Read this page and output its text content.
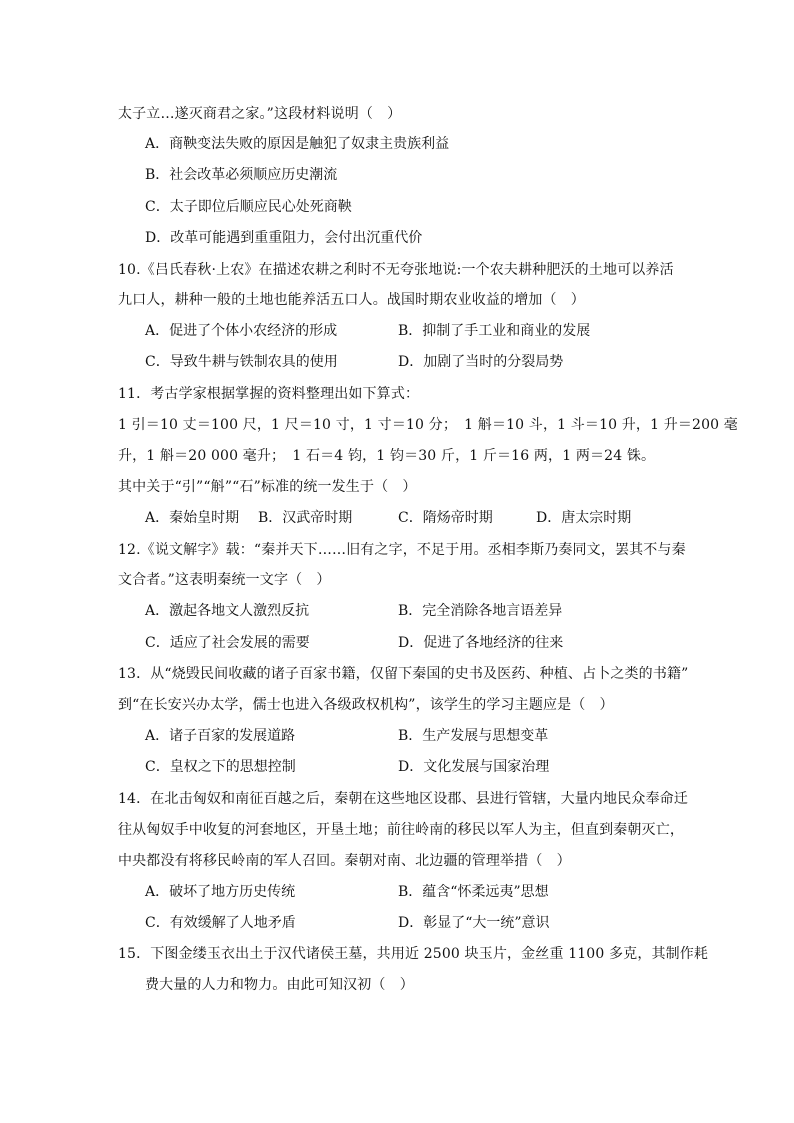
太子立…遂灭商君之家。”这段材料说明（　）
A．商鞅变法失败的原因是触犯了奴隶主贵族利益
B．社会改革必须顺应历史潮流
C．太子即位后顺应民心处死商鞅
D．改革可能遇到重重阻力，会付出沉重代价
10.《吕氏春秋·上农》在描述农耕之利时不无夸张地说:一个农夫耕种肥沃的土地可以养活
九口人，耕种一般的土地也能养活五口人。战国时期农业收益的增加（　）
A．促进了个体小农经济的形成	B．抑制了手工业和商业的发展
C．导致牛耕与铁制农具的使用	D．加剧了当时的分裂局势
11．考古学家根据掌握的资料整理出如下算式：
1 引＝10 丈＝100 尺，1 尺＝10 寸，1 寸＝10 分；　1 斛＝10 斗，1 斗＝10 升，1 升＝200 毫
升，1 斛＝20 000 毫升；　1 石＝4 钧，1 钧＝30 斤，1 斤＝16 两，1 两＝24 铢。
其中关于“引”“斛”“石”标准的统一发生于（　）
A．秦始皇时期 B．汉武帝时期	C．隋炀帝时期	D．唐太宗时期
12.《说文解字》载：“秦并天下……旧有之字，不足于用。丞相李斯乃奏同文，罢其不与秦
文合者。”这表明秦统一文字（　）
A．激起各地文人激烈反抗	B．完全消除各地言语差异
C．适应了社会发展的需要	D．促进了各地经济的往来
13．从“烧毁民间收藏的诸子百家书籍，仅留下秦国的史书及医药、种植、占卜之类的书籍”
到“在长安兴办太学，儒士也进入各级政权机构”，该学生的学习主题应是（　）
A．诸子百家的发展道路	B．生产发展与思想变革
C．皇权之下的思想控制	D．文化发展与国家治理
14．在北击匈奴和南征百越之后，秦朝在这些地区设郡、县进行管辖，大量内地民众奉命迁
往从匈奴手中收复的河套地区，开垦土地；前往岭南的移民以军人为主，但直到秦朝灭亡，
中央都没有将移民岭南的军人召回。秦朝对南、北边疆的管理举措（　）
A．破坏了地方历史传统	B．蕴含“怀柔远夷”思想
C．有效缓解了人地矛盾	D．彰显了“大一统”意识
15．下图金缕玉衣出土于汉代诸侯王墓，共用近 2500 块玉片，金丝重 1100 多克，其制作耗
费大量的人力和物力。由此可知汉初（　）
